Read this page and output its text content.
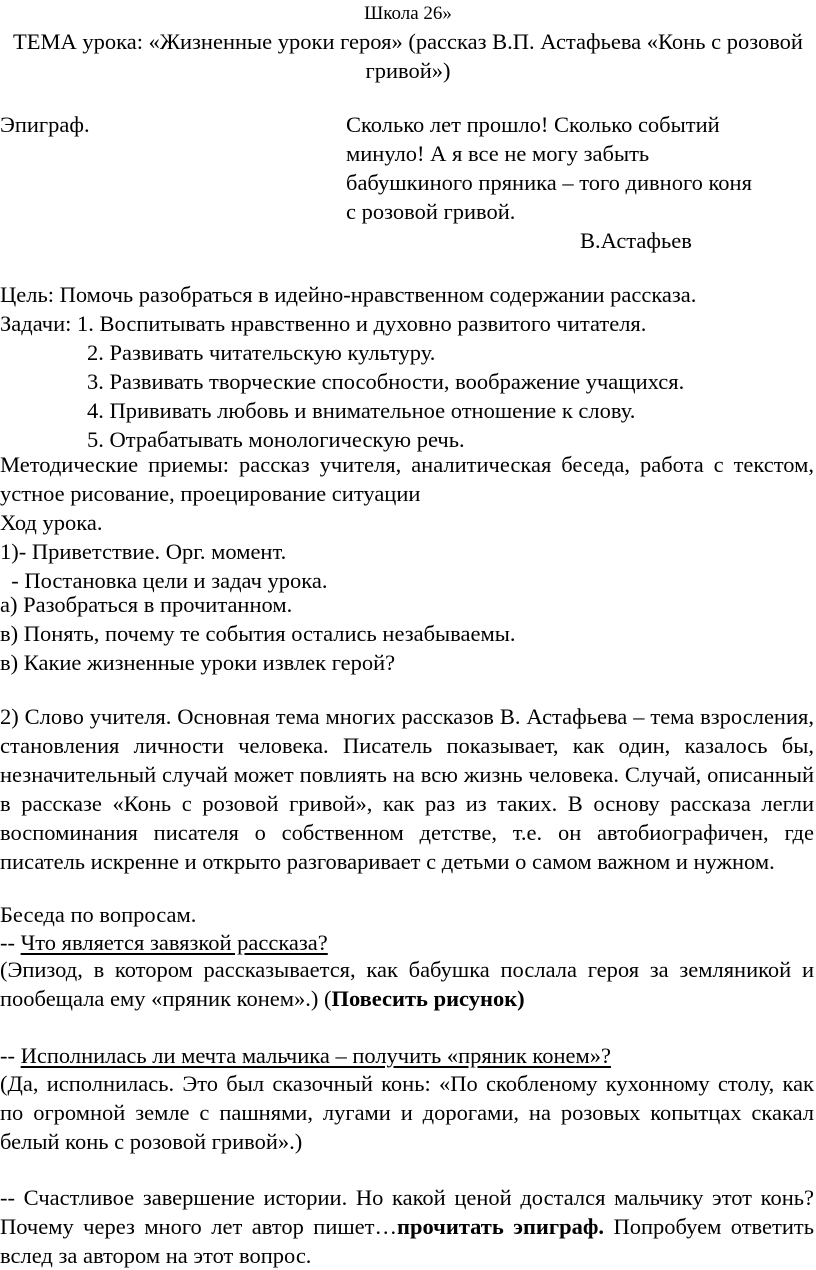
Школа 26»
ТЕМА урока: «Жизненные уроки героя» (рассказ В.П. Астафьева «Конь с розовой гривой»)
Эпиграф.	Сколько лет прошло! Сколько событий
минуло! А я все не могу забыть
бабушкиного пряника – того дивного коня
с розовой гривой.
В.Астафьев
Цель: Помочь разобраться в идейно-нравственном содержании рассказа.
Задачи: 1. Воспитывать нравственно и духовно развитого читателя.
2. Развивать читательскую культуру.
3. Развивать творческие способности, воображение учащихся.
4. Прививать любовь и внимательное отношение к слову.
5. Отрабатывать монологическую речь.
Методические приемы: рассказ учителя, аналитическая беседа, работа с текстом, устное рисование, проецирование ситуации
Ход урока.
1)- Приветствие. Орг. момент.
- Постановка цели и задач урока.
а) Разобраться в прочитанном.
в) Понять, почему те события остались незабываемы.
в) Какие жизненные уроки извлек герой?
2) Слово учителя. Основная тема многих рассказов В. Астафьева – тема взросления, становления личности человека. Писатель показывает, как один, казалось бы, незначительный случай может повлиять на всю жизнь человека. Случай, описанный в рассказе «Конь с розовой гривой», как раз из таких. В основу рассказа легли воспоминания писателя о собственном детстве, т.е. он автобиографичен, где писатель искренне и открыто разговаривает с детьми о самом важном и нужном.
Беседа по вопросам.
-- Что является завязкой рассказа?
(Эпизод, в котором рассказывается, как бабушка послала героя за земляникой и пообещала ему «пряник конем».) (Повесить рисунок)
-- Исполнилась ли мечта мальчика – получить «пряник конем»?
(Да, исполнилась. Это был сказочный конь: «По скобленому кухонному столу, как по огромной земле с пашнями, лугами и дорогами, на розовых копытцах скакал белый конь с розовой гривой».)
-- Счастливое завершение истории. Но какой ценой достался мальчику этот конь? Почему через много лет автор пишет…прочитать эпиграф. Попробуем ответить вслед за автором на этот вопрос.
